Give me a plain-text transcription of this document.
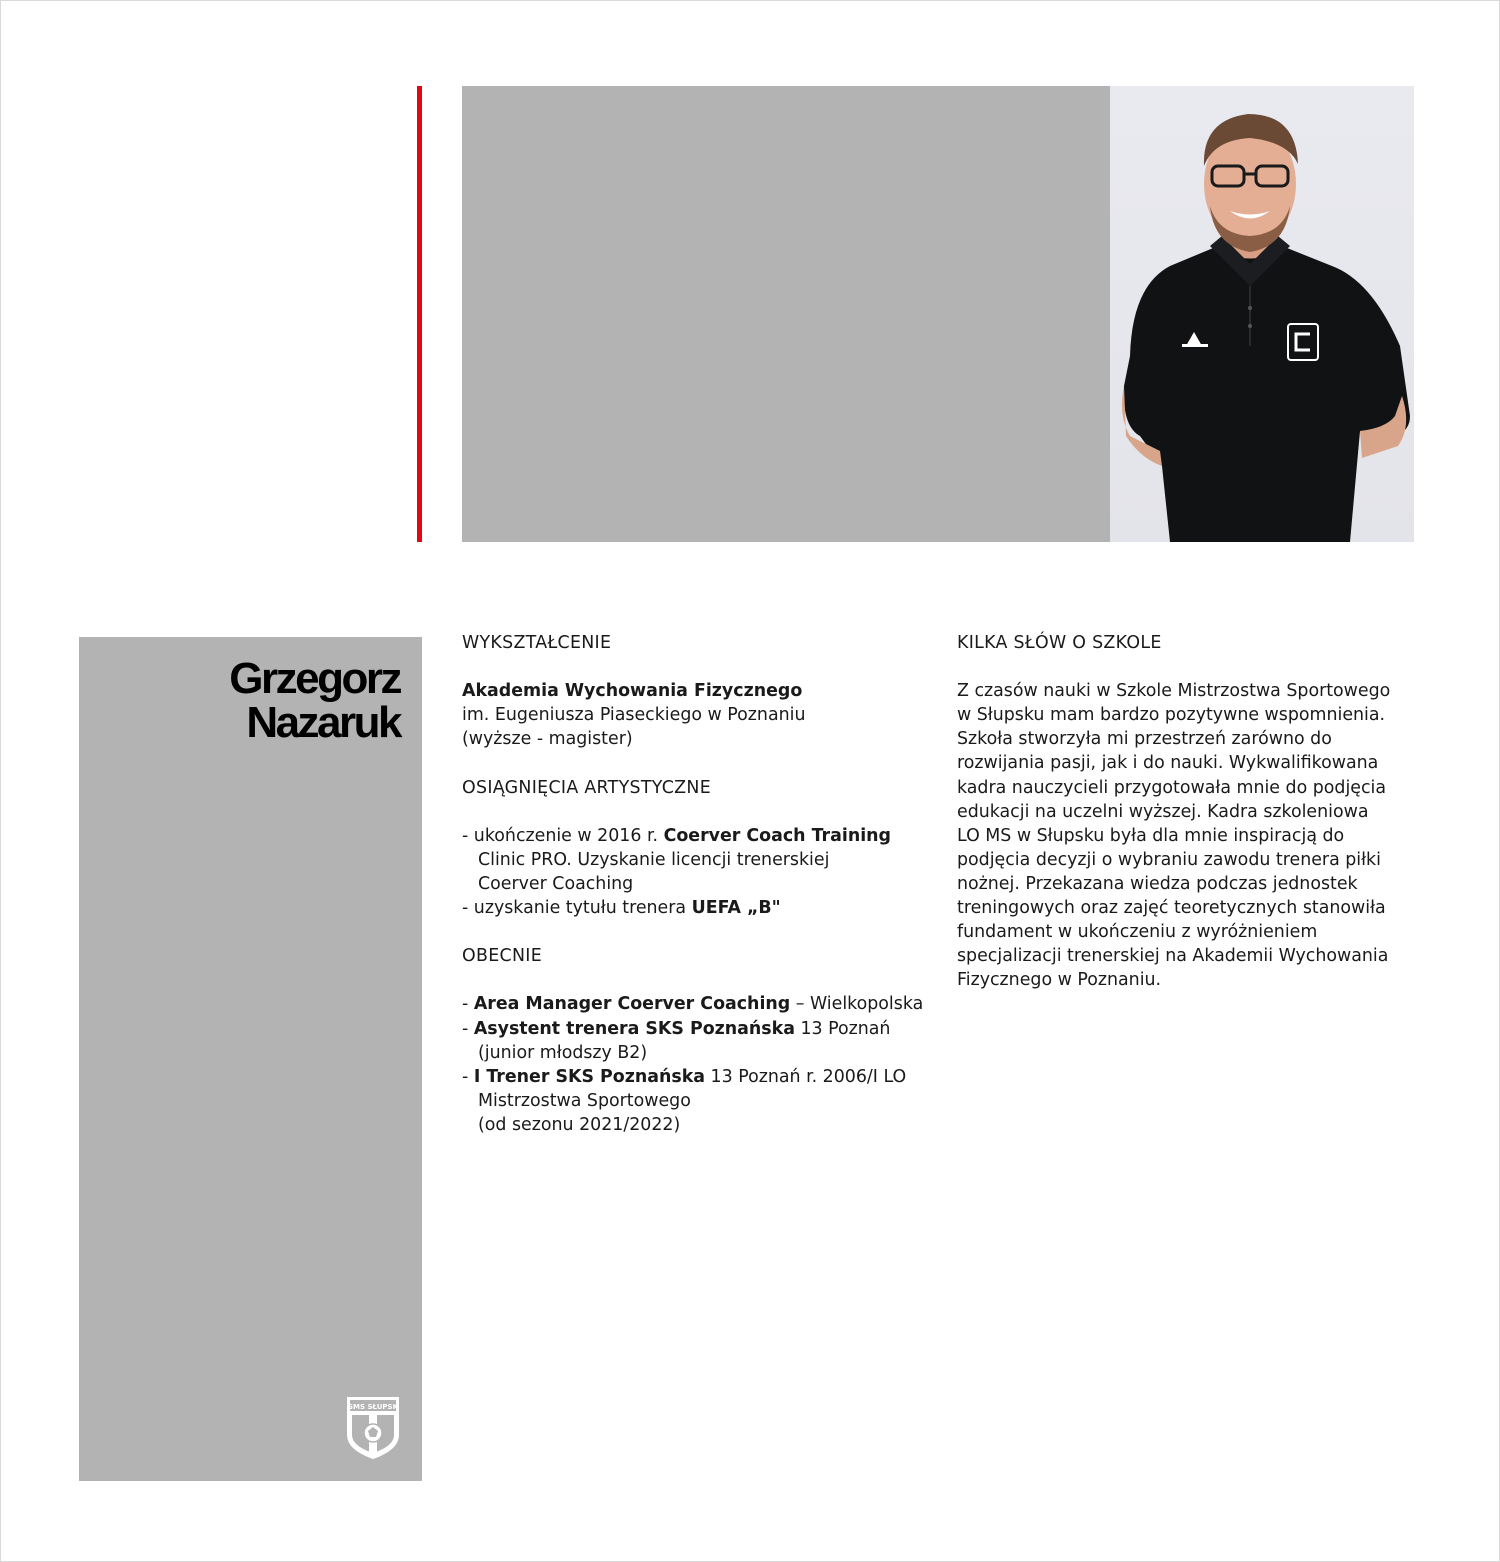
Grzegorz
Nazaruk
SMS SŁUPSK

WYKSZTAŁCENIE

Akademia Wychowania Fizycznego

im. Eugeniusza Piaseckiego w Poznaniu

(wyższe - magister)

OSIĄGNIĘCIA ARTYSTYCZNE

- ukończenie w 2016 r. Coerver Coach Training

Clinic PRO. Uzyskanie licencji trenerskiej

Coerver Coaching

- uzyskanie tytułu trenera UEFA „B"

OBECNIE

- Area Manager Coerver Coaching – Wielkopolska

- Asystent trenera SKS Poznańska 13 Poznań

(junior młodszy B2)

- I Trener SKS Poznańska 13 Poznań r. 2006/I LO

Mistrzostwa Sportowego

(od sezonu 2021/2022)

KILKA SŁÓW O SZKOLE

Z czasów nauki w Szkole Mistrzostwa Sportowego

w Słupsku mam bardzo pozytywne wspomnienia.

Szkoła stworzyła mi przestrzeń zarówno do

rozwijania pasji, jak i do nauki. Wykwalifikowana

kadra nauczycieli przygotowała mnie do podjęcia

edukacji na uczelni wyższej. Kadra szkoleniowa

LO MS w Słupsku była dla mnie inspiracją do

podjęcia decyzji o wybraniu zawodu trenera piłki

nożnej. Przekazana wiedza podczas jednostek

treningowych oraz zajęć teoretycznych stanowiła

fundament w ukończeniu z wyróżnieniem

specjalizacji trenerskiej na Akademii Wychowania

Fizycznego w Poznaniu.
